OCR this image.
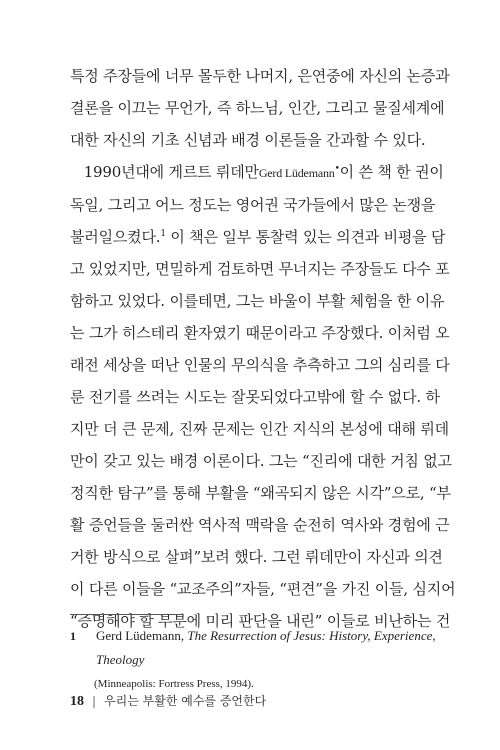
특정 주장들에 너무 몰두한 나머지, 은연중에 자신의 논증과
결론을 이끄는 무언가, 즉 하느님, 인간, 그리고 물질세계에
대한 자신의 기초 신념과 배경 이론들을 간과할 수 있다.
1990년대에 게르트 뤼데만Gerd Lüdemann•이 쓴 책 한 권이
독일, 그리고 어느 정도는 영어권 국가들에서 많은 논쟁을
불러일으켰다.$^1$ 이 책은 일부 통찰력 있는 의견과 비평을 담
고 있었지만, 면밀하게 검토하면 무너지는 주장들도 다수 포
함하고 있었다. 이를테면, 그는 바울이 부활 체험을 한 이유
는 그가 히스테리 환자였기 때문이라고 주장했다. 이처럼 오
래전 세상을 떠난 인물의 무의식을 추측하고 그의 심리를 다
룬 전기를 쓰려는 시도는 잘못되었다고밖에 할 수 없다. 하
지만 더 큰 문제, 진짜 문제는 인간 지식의 본성에 대해 뤼데
만이 갖고 있는 배경 이론이다. 그는 “진리에 대한 거침 없고
정직한 탐구”를 통해 부활을 “왜곡되지 않은 시각”으로, “부
활 증언들을 둘러싼 역사적 맥락을 순전히 역사와 경험에 근
거한 방식으로 살펴”보려 했다. 그런 뤼데만이 자신과 의견
이 다른 이들을 “교조주의”자들, “편견”을 가진 이들, 심지어
“증명해야 할 부분에 미리 판단을 내린” 이들로 비난하는 건
1 Gerd Lüdemann, The Resurrection of Jesus: History, Experience, Theology
(Minneapolis: Fortress Press, 1994).
18 | 우리는 부활한 예수를 증언한다
